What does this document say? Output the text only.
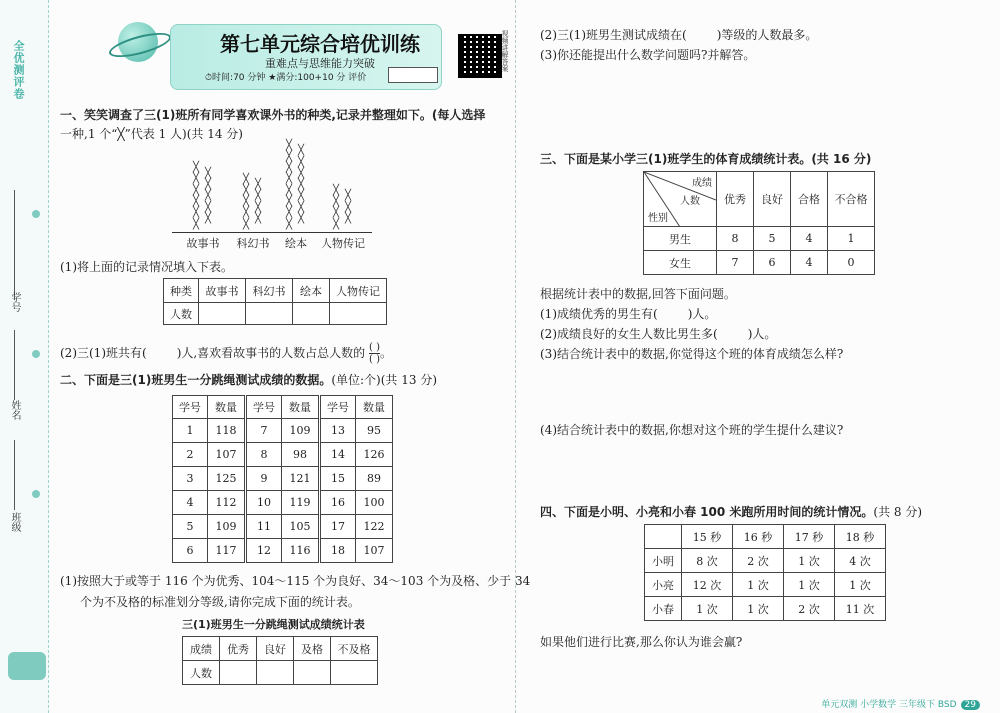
全优测评卷
学号
姓名
班级
第七单元综合培优训练
重难点与思维能力突破
⏱时间:70 分钟 ★满分:100+10 分 评价
视频讲解答案
一、笑笑调查了三(1)班所有同学喜欢课外书的种类,记录并整理如下。(每人选择
一种,1 个“╳”代表 1 人)(共 14 分)
╳
╳
╳
╳
╳
╳
╳
╳
╳
╳
╳
故事书
╳
╳
╳
╳
╳
╳
╳
╳
╳
科幻书
╳
╳
╳
╳
╳
╳
╳
╳
╳
╳
╳
╳
╳
╳
╳
绘本
╳
╳
╳
╳
╳
╳
╳
人物传记
(1)将上面的记录情况填入下表。
种类	故事书	科幻书	绘本	人物传记
人数				
(2)三(1)班共有(	)人,喜欢看故事书的人数占总人数的 $\frac{( )}{( )}$。
二、下面是三(1)班男生一分跳绳测试成绩的数据。(单位:个)(共 13 分)
学号	数量	学号	数量	学号	数量
1	118	7	109	13	95
2	107	8	98	14	126
3	125	9	121	15	89
4	112	10	119	16	100
5	109	11	105	17	122
6	117	12	116	18	107
(1)按照大于或等于 116 个为优秀、104～115 个为良好、34～103 个为及格、少于 34
个为不及格的标准划分等级,请你完成下面的统计表。
三(1)班男生一分跳绳测试成绩统计表
成绩	优秀	良好	及格	不及格
人数				
(2)三(1)班男生测试成绩在(	)等级的人数最多。
(3)你还能提出什么数学问题吗?并解答。
三、下面是某小学三(1)班学生的体育成绩统计表。(共 16 分)
成绩
人数
性别	优秀	良好	合格	不合格
男生	8	5	4	1
女生	7	6	4	0
根据统计表中的数据,回答下面问题。
(1)成绩优秀的男生有(	)人。
(2)成绩良好的女生人数比男生多(	)人。
(3)结合统计表中的数据,你觉得这个班的体育成绩怎么样?
(4)结合统计表中的数据,你想对这个班的学生提什么建议?
四、下面是小明、小亮和小春 100 米跑所用时间的统计情况。(共 8 分)
	15 秒	16 秒	17 秒	18 秒
小明	8 次	2 次	1 次	4 次
小亮	12 次	1 次	1 次	1 次
小春	1 次	1 次	2 次	11 次
如果他们进行比赛,那么你认为谁会赢?
单元双测 小学数学 三年级下 BSD 29
